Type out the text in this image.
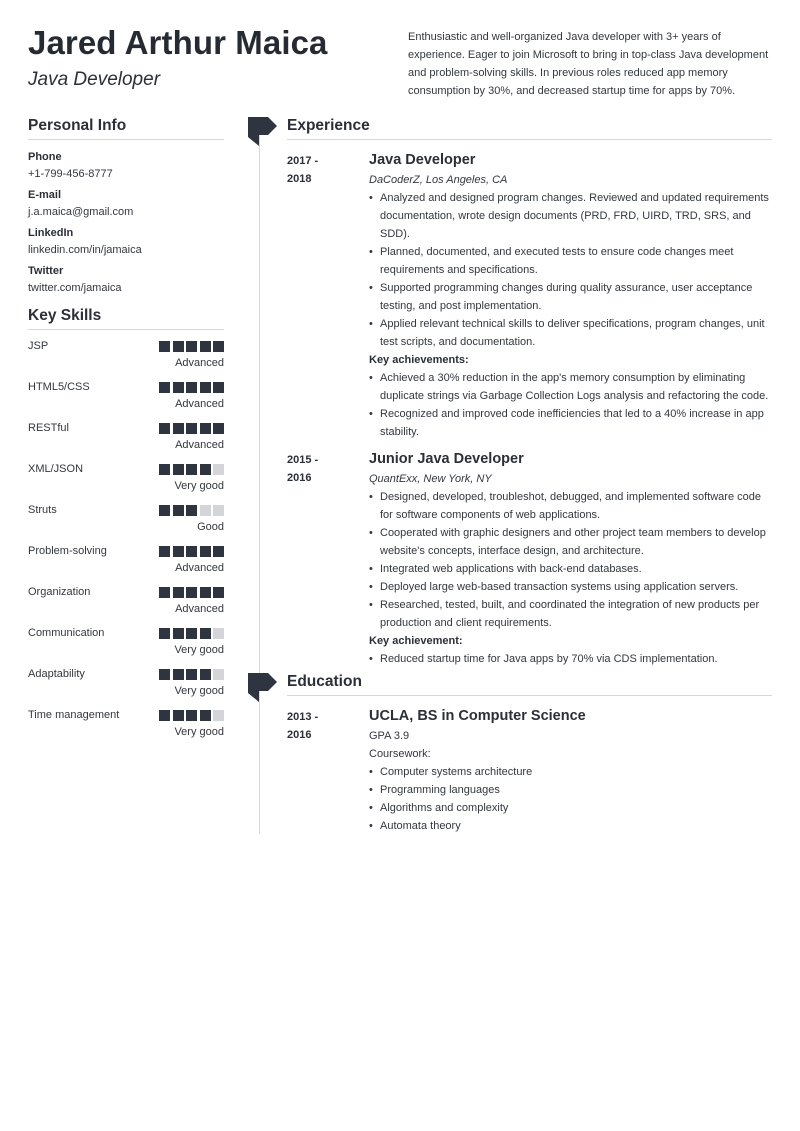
Jared Arthur Maica
Java Developer

Enthusiastic and well-organized Java developer with 3+ years of experience. Eager to join Microsoft to bring in top-class Java development and problem-solving skills. In previous roles reduced app memory consumption by 30%, and decreased startup time for apps by 70%.

Personal Info
Phone
+1-799-456-8777
E-mail
j.a.maica@gmail.com
LinkedIn
linkedin.com/in/jamaica
Twitter
twitter.com/jamaica
Key Skills
JSP
Advanced
HTML5/CSS
Advanced
RESTful
Advanced
XML/JSON
Very good
Struts
Good
Problem-solving
Advanced
Organization
Advanced
Communication
Very good
Adaptability
Very good
Time management
Very good
Experience
2017 -
2018
Java Developer
DaCoderZ, Los Angeles, CA
• Analyzed and designed program changes. Reviewed and updated requirements documentation, wrote design documents (PRD, FRD, UIRD, TRD, SRS, and SDD).
• Planned, documented, and executed tests to ensure code changes meet requirements and specifications.
• Supported programming changes during quality assurance, user acceptance testing, and post implementation.
• Applied relevant technical skills to deliver specifications, program changes, unit test scripts, and documentation.
Key achievements:
• Achieved a 30% reduction in the app's memory consumption by eliminating duplicate strings via Garbage Collection Logs analysis and refactoring the code.
• Recognized and improved code inefficiencies that led to a 40% increase in app stability.
2015 -
2016
Junior Java Developer
QuantExx, New York, NY
• Designed, developed, troubleshot, debugged, and implemented software code for software components of web applications.
• Cooperated with graphic designers and other project team members to develop website's concepts, interface design, and architecture.
• Integrated web applications with back-end databases.
• Deployed large web-based transaction systems using application servers.
• Researched, tested, built, and coordinated the integration of new products per production and client requirements.
Key achievement:
• Reduced startup time for Java apps by 70% via CDS implementation.
Education
2013 -
2016
UCLA, BS in Computer Science
GPA 3.9
Coursework:
• Computer systems architecture
• Programming languages
• Algorithms and complexity
• Automata theory
